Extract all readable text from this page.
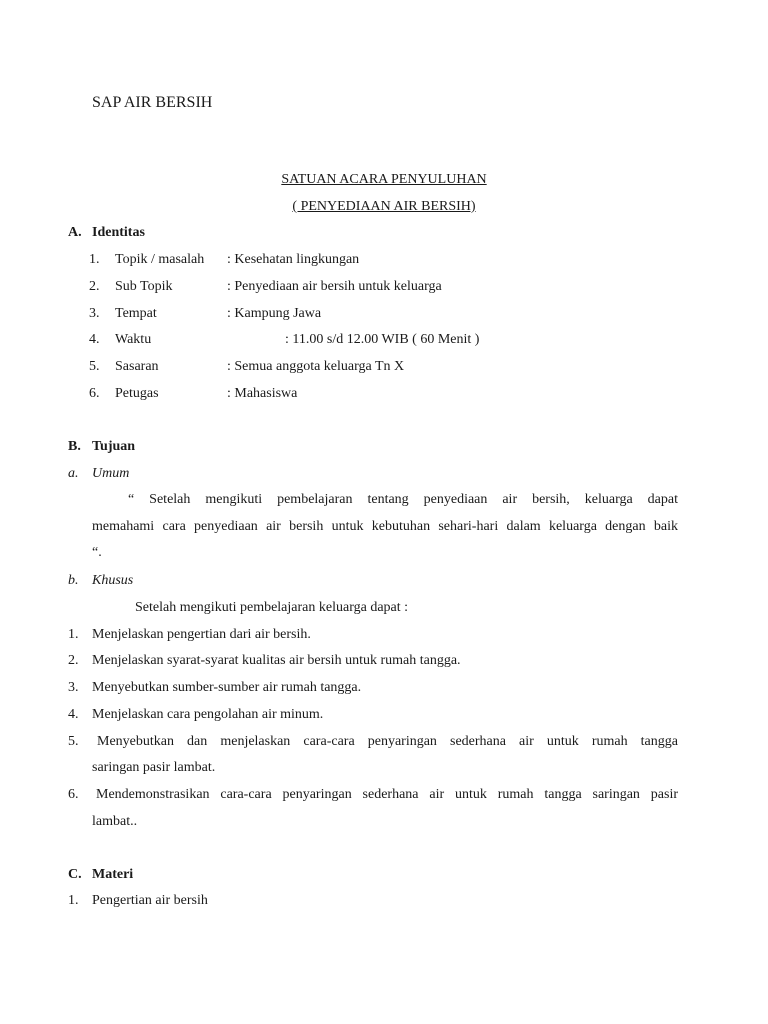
SAP AIR BERSIH
SATUAN ACARA PENYULUHAN
( PENYEDIAAN AIR BERSIH)
A. Identitas
1. Topik / masalah : Kesehatan lingkungan
2. Sub Topik	: Penyediaan air bersih untuk keluarga
3. Tempat	: Kampung Jawa
4. Waktu	: 11.00 s/d 12.00 WIB ( 60 Menit )
5. Sasaran	: Semua anggota keluarga Tn X
6. Petugas	: Mahasiswa
B. Tujuan
a. Umum
“ Setelah mengikuti pembelajaran tentang penyediaan air bersih, keluarga dapat
memahami cara penyediaan air bersih untuk kebutuhan sehari-hari dalam keluarga dengan baik
“.
b. Khusus
Setelah mengikuti pembelajaran keluarga dapat :
1. Menjelaskan pengertian dari air bersih.
2. Menjelaskan syarat-syarat kualitas air bersih untuk rumah tangga.
3. Menyebutkan sumber-sumber air rumah tangga.
4. Menjelaskan cara pengolahan air minum.
5. Menyebutkan dan menjelaskan cara-cara penyaringan sederhana air untuk rumah tangga
saringan pasir lambat.
6. Mendemonstrasikan cara-cara penyaringan sederhana air untuk rumah tangga saringan pasir
lambat..
C. Materi
1. Pengertian air bersih
